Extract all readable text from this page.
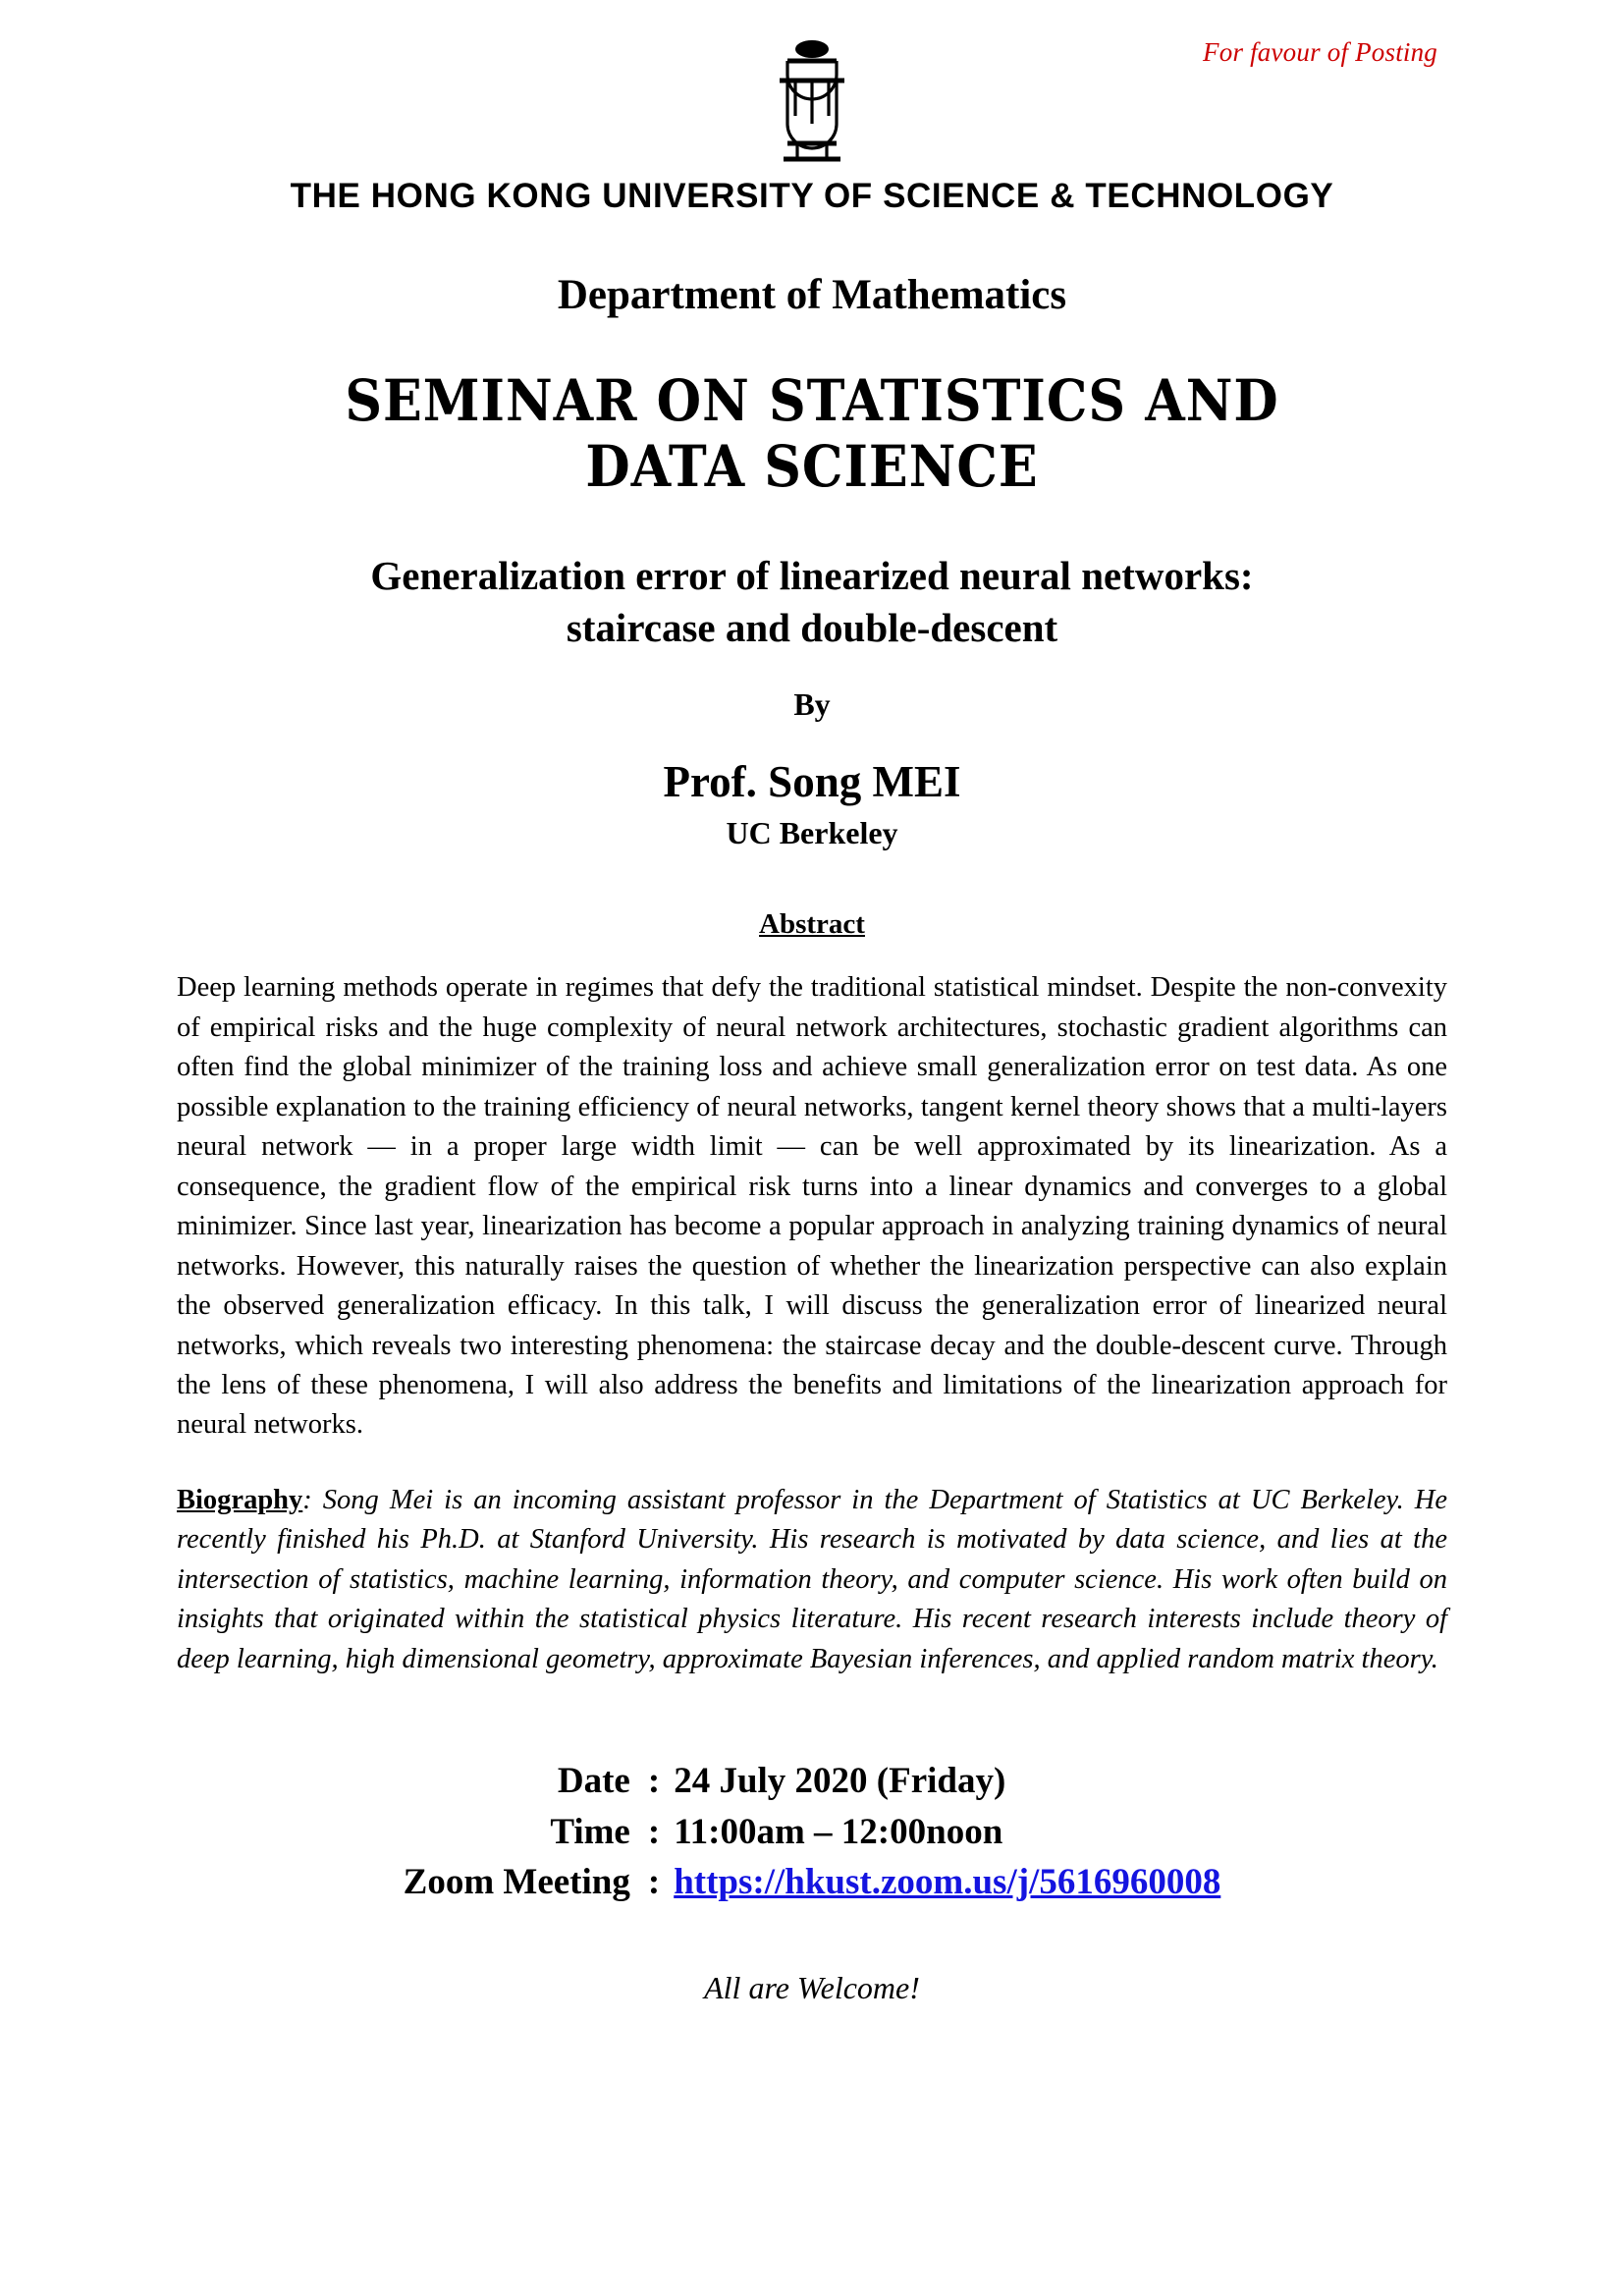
For favour of Posting
THE HONG KONG UNIVERSITY OF SCIENCE & TECHNOLOGY
Department of Mathematics
SEMINAR ON STATISTICS AND
DATA SCIENCE
Generalization error of linearized neural networks:
staircase and double-descent
By
Prof. Song MEI
UC Berkeley
Abstract
Deep learning methods operate in regimes that defy the traditional statistical mindset. Despite the non-convexity of empirical risks and the huge complexity of neural network architectures, stochastic gradient algorithms can often find the global minimizer of the training loss and achieve small generalization error on test data. As one possible explanation to the training efficiency of neural networks, tangent kernel theory shows that a multi-layers neural network — in a proper large width limit — can be well approximated by its linearization. As a consequence, the gradient flow of the empirical risk turns into a linear dynamics and converges to a global minimizer. Since last year, linearization has become a popular approach in analyzing training dynamics of neural networks. However, this naturally raises the question of whether the linearization perspective can also explain the observed generalization efficacy. In this talk, I will discuss the generalization error of linearized neural networks, which reveals two interesting phenomena: the staircase decay and the double-descent curve. Through the lens of these phenomena, I will also address the benefits and limitations of the linearization approach for neural networks.
Biography: Song Mei is an incoming assistant professor in the Department of Statistics at UC Berkeley. He recently finished his Ph.D. at Stanford University. His research is motivated by data science, and lies at the intersection of statistics, machine learning, information theory, and computer science. His work often build on insights that originated within the statistical physics literature. His recent research interests include theory of deep learning, high dimensional geometry, approximate Bayesian inferences, and applied random matrix theory.
Date	:	24 July 2020 (Friday)
Time	:	11:00am – 12:00noon
Zoom Meeting	:	https://hkust.zoom.us/j/5616960008
All are Welcome!
